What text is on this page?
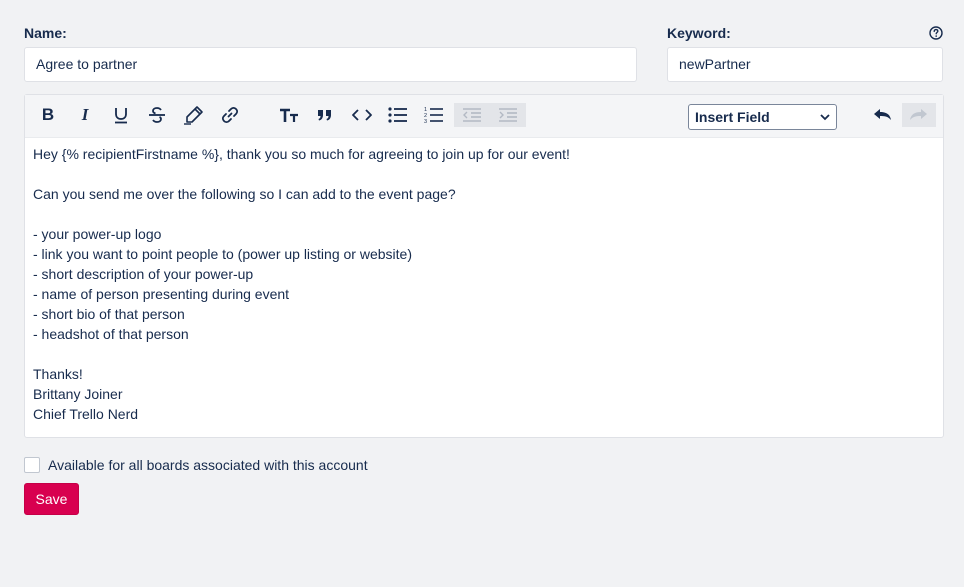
Name:
Agree to partner
Keyword:
newPartner
B I	1
2
3	Insert Field
Hey {% recipientFirstname %}, thank you so much for agreeing to join up for our event!
Can you send me over the following so I can add to the event page?
- your power-up logo
- link you want to point people to (power up listing or website)
- short description of your power-up
- name of person presenting during event
- short bio of that person
- headshot of that person
Thanks!
Brittany Joiner
Chief Trello Nerd
Available for all boards associated with this account
Save
